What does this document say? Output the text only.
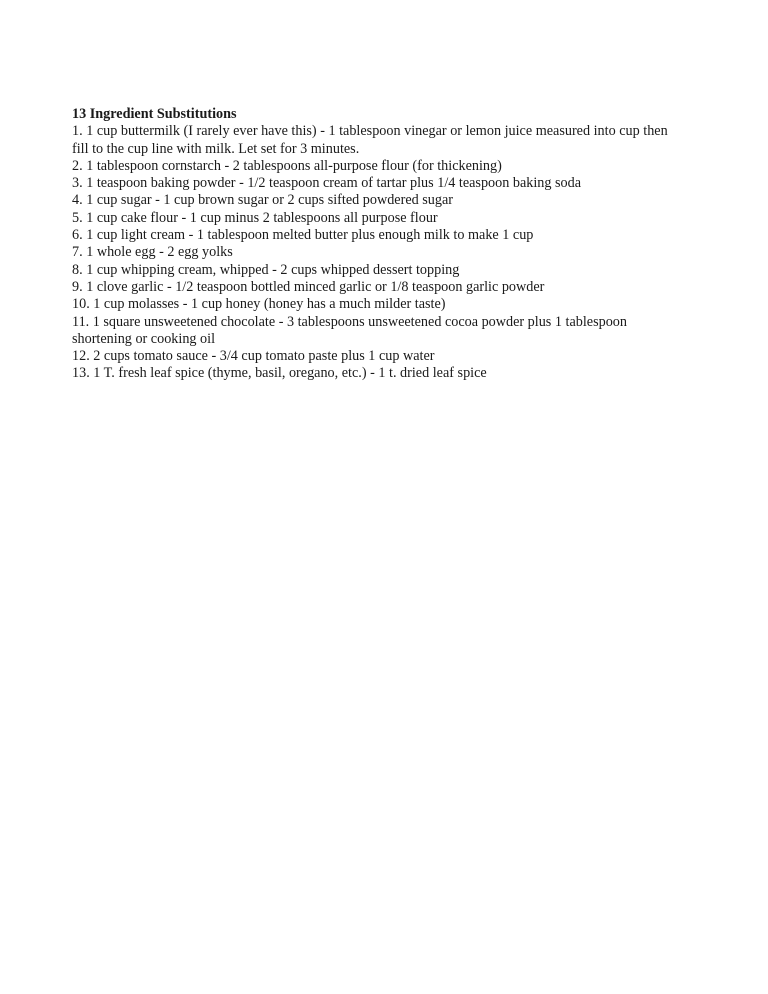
13 Ingredient Substitutions
1. 1 cup buttermilk (I rarely ever have this) - 1 tablespoon vinegar or lemon juice measured into cup then fill to the cup line with milk. Let set for 3 minutes.
2. 1 tablespoon cornstarch - 2 tablespoons all-purpose flour (for thickening)
3. 1 teaspoon baking powder - 1/2 teaspoon cream of tartar plus 1/4 teaspoon baking soda
4. 1 cup sugar - 1 cup brown sugar or 2 cups sifted powdered sugar
5. 1 cup cake flour - 1 cup minus 2 tablespoons all purpose flour
6. 1 cup light cream - 1 tablespoon melted butter plus enough milk to make 1 cup
7. 1 whole egg - 2 egg yolks
8. 1 cup whipping cream, whipped - 2 cups whipped dessert topping
9. 1 clove garlic - 1/2 teaspoon bottled minced garlic or 1/8 teaspoon garlic powder
10. 1 cup molasses - 1 cup honey (honey has a much milder taste)
11. 1 square unsweetened chocolate - 3 tablespoons unsweetened cocoa powder plus 1 tablespoon shortening or cooking oil
12. 2 cups tomato sauce - 3/4 cup tomato paste plus 1 cup water
13. 1 T. fresh leaf spice (thyme, basil, oregano, etc.) - 1 t. dried leaf spice
